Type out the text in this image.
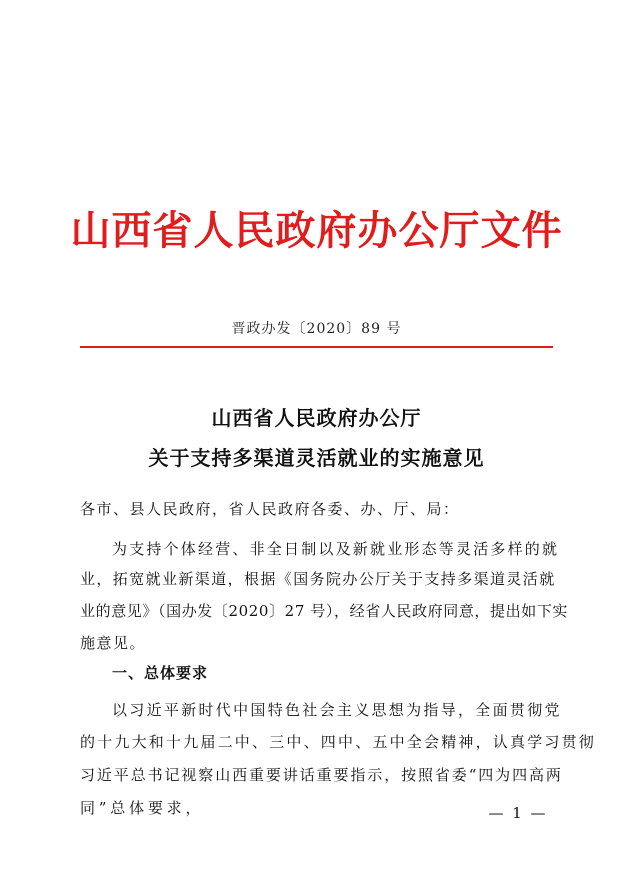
山西省人民政府办公厅文件
晋政办发〔2020〕89 号
山西省人民政府办公厅
关于支持多渠道灵活就业的实施意见
各市、县人民政府，省人民政府各委、办、厅、局：
为支持个体经营、非全日制以及新就业形态等灵活多样的就
业，拓宽就业新渠道，根据《国务院办公厅关于支持多渠道灵活就
业的意见》（国办发〔2020〕27 号），经省人民政府同意，提出如下实
施意见。
一、总体要求
以习近平新时代中国特色社会主义思想为指导，全面贯彻党
的十九大和十九届二中、三中、四中、五中全会精神，认真学习贯彻
习近平总书记视察山西重要讲话重要指示，按照省委“四为四高两
同”总体要求，	— 1 —
